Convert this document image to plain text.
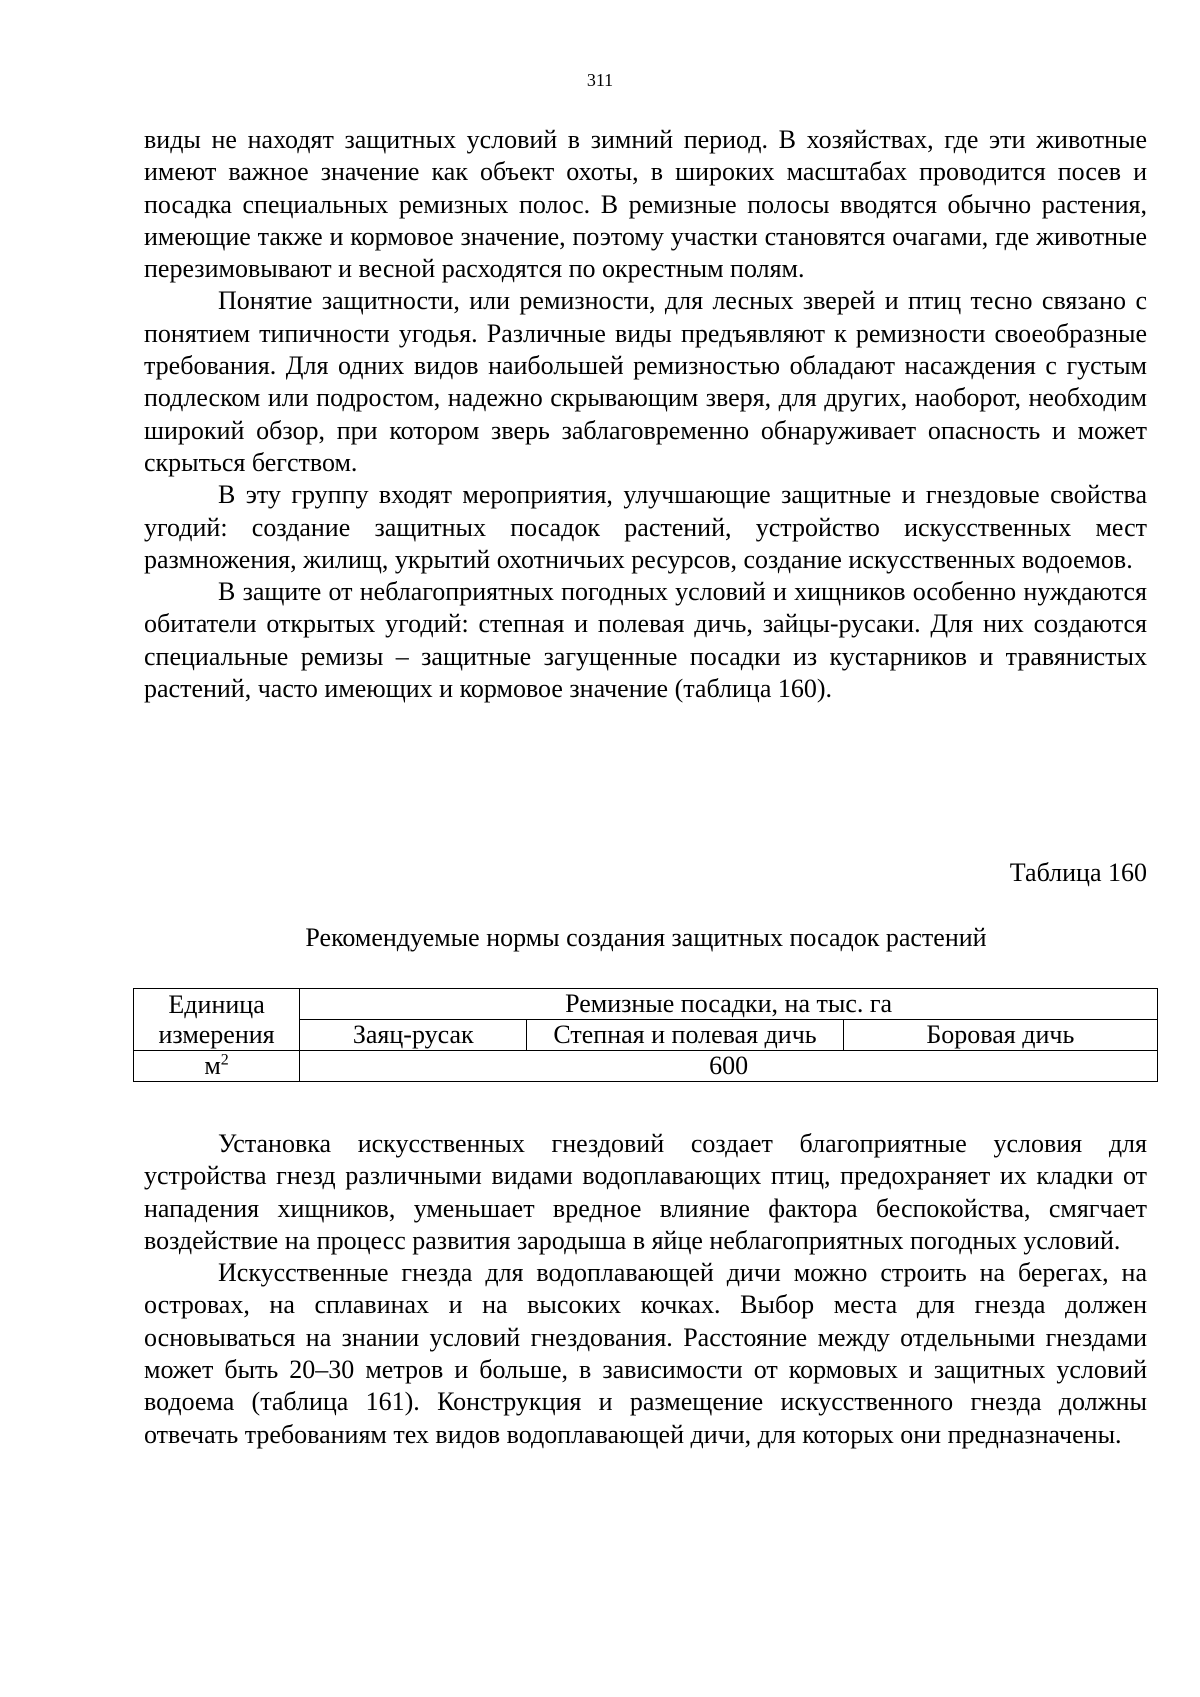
311

виды не находят защитных условий в зимний период. В хозяйствах, где эти животные имеют важное значение как объект охоты, в широких масштабах проводится посев и посадка специальных ремизных полос. В ремизные полосы вводятся обычно растения, имеющие также и кормовое значение, поэтому участки становятся очагами, где животные перезимовывают и весной расходятся по окрестным полям.

Понятие защитности, или ремизности, для лесных зверей и птиц тесно связано с понятием типичности угодья. Различные виды предъявляют к ремизности своеобразные требования. Для одних видов наибольшей ремизностью обладают насаждения с густым подлеском или подростом, надежно скрывающим зверя, для других, наоборот, необходим широкий обзор, при котором зверь заблаговременно обнаруживает опасность и может скрыться бегством.

В эту группу входят мероприятия, улучшающие защитные и гнездовые свойства угодий: создание защитных посадок растений, устройство искусственных мест размножения, жилищ, укрытий охотничьих ресурсов, создание искусственных водоемов.

В защите от неблагоприятных погодных условий и хищников особенно нуждаются обитатели открытых угодий: степная и полевая дичь, зайцы-русаки. Для них создаются специальные ремизы – защитные загущенные посадки из кустарников и травянистых растений, часто имеющих и кормовое значение (таблица 160).

Таблица 160
Рекомендуемые нормы создания защитных посадок растений
Единица
измерения	Ремизные посадки, на тыс. га		
	Заяц-русак	Степная и полевая дичь	Боровая дичь
$м^2$	600		

Установка искусственных гнездовий создает благоприятные условия для устройства гнезд различными видами водоплавающих птиц, предохраняет их кладки от нападения хищников, уменьшает вредное влияние фактора беспокойства, смягчает воздействие на процесс развития зародыша в яйце неблагоприятных погодных условий.

Искусственные гнезда для водоплавающей дичи можно строить на берегах, на островах, на сплавинах и на высоких кочках. Выбор места для гнезда должен основываться на знании условий гнездования. Расстояние между отдельными гнездами может быть 20–30 метров и больше, в зависимости от кормовых и защитных условий водоема (таблица 161). Конструкция и размещение искусственного гнезда должны отвечать требованиям тех видов водоплавающей дичи, для которых они предназначены.
